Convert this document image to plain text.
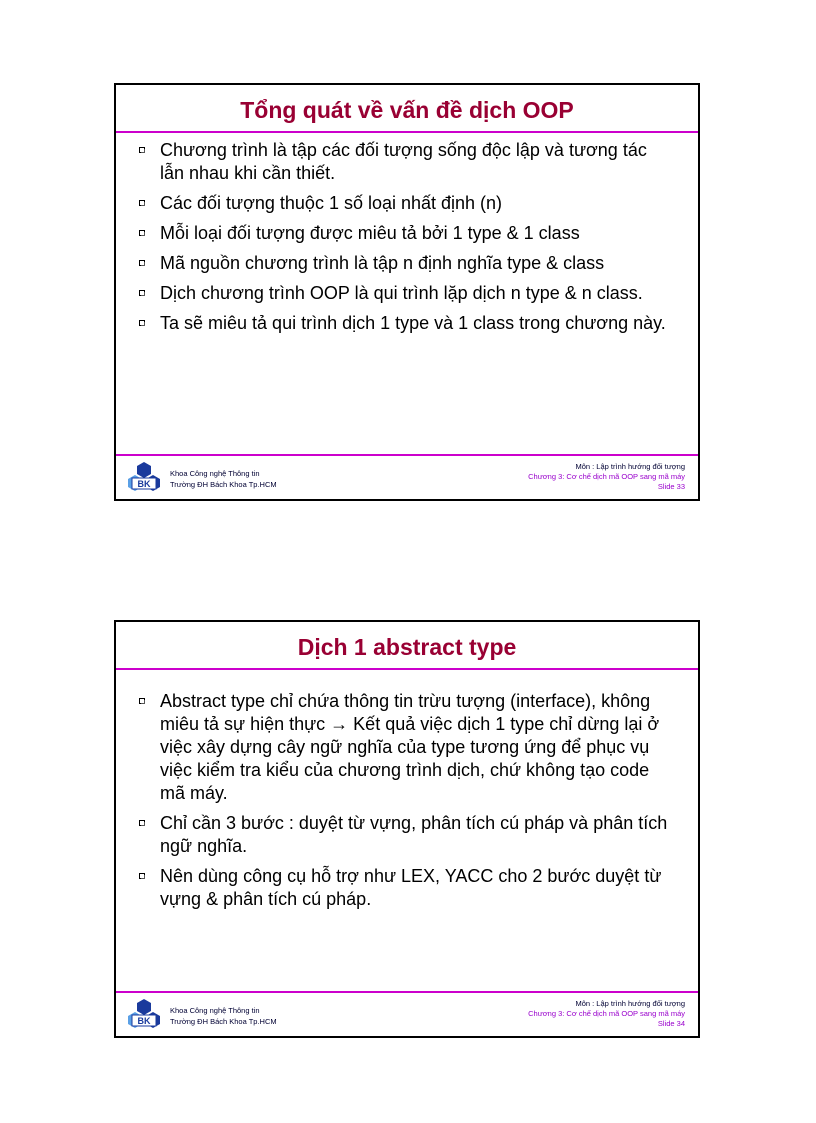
Tổng quát về vấn đề dịch OOP
Chương trình là tập các đối tượng sống độc lập và tương tác lẫn nhau khi cần thiết.
Các đối tượng thuộc 1 số loại nhất định (n)
Mỗi loại đối tượng được miêu tả bởi 1 type & 1 class
Mã nguồn chương trình là tập n định nghĩa type & class
Dịch chương trình OOP là qui trình lặp dịch n type & n class.
Ta sẽ miêu tả qui trình dịch 1 type và 1 class trong chương này.
BK
Khoa Công nghệ Thông tin
Trường ĐH Bách Khoa Tp.HCM
Môn : Lập trình hướng đối tượng
Chương 3: Cơ chế dịch mã OOP sang mã máy
Slide 33
Dịch 1 abstract type
Abstract type chỉ chứa thông tin trừu tượng (interface), không miêu tả sự hiện thực → Kết quả việc dịch 1 type chỉ dừng lại ở việc xây dựng cây ngữ nghĩa của type tương ứng để phục vụ việc kiểm tra kiểu của chương trình dịch, chứ không tạo code mã máy.
Chỉ cần 3 bước : duyệt từ vựng, phân tích cú pháp và phân tích ngữ nghĩa.
Nên dùng công cụ hỗ trợ như LEX, YACC cho 2 bước duyệt từ vựng & phân tích cú pháp.
BK
Khoa Công nghệ Thông tin
Trường ĐH Bách Khoa Tp.HCM
Môn : Lập trình hướng đối tượng
Chương 3: Cơ chế dịch mã OOP sang mã máy
Slide 34
